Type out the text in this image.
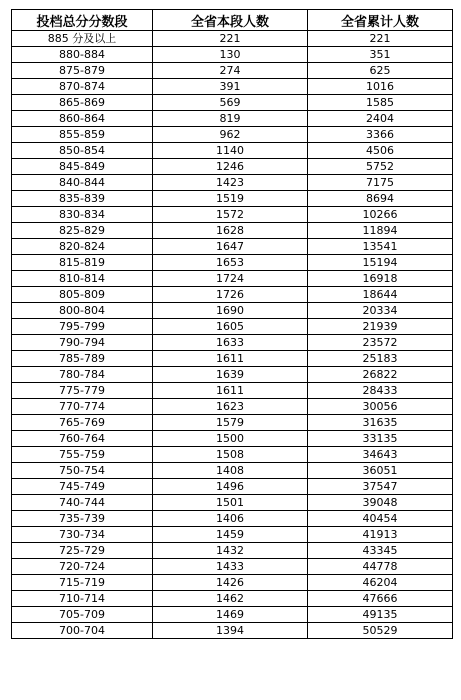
投档总分分数段	全省本段人数	全省累计人数
885 分及以上	221	221
880-884	130	351
875-879	274	625
870-874	391	1016
865-869	569	1585
860-864	819	2404
855-859	962	3366
850-854	1140	4506
845-849	1246	5752
840-844	1423	7175
835-839	1519	8694
830-834	1572	10266
825-829	1628	11894
820-824	1647	13541
815-819	1653	15194
810-814	1724	16918
805-809	1726	18644
800-804	1690	20334
795-799	1605	21939
790-794	1633	23572
785-789	1611	25183
780-784	1639	26822
775-779	1611	28433
770-774	1623	30056
765-769	1579	31635
760-764	1500	33135
755-759	1508	34643
750-754	1408	36051
745-749	1496	37547
740-744	1501	39048
735-739	1406	40454
730-734	1459	41913
725-729	1432	43345
720-724	1433	44778
715-719	1426	46204
710-714	1462	47666
705-709	1469	49135
700-704	1394	50529
